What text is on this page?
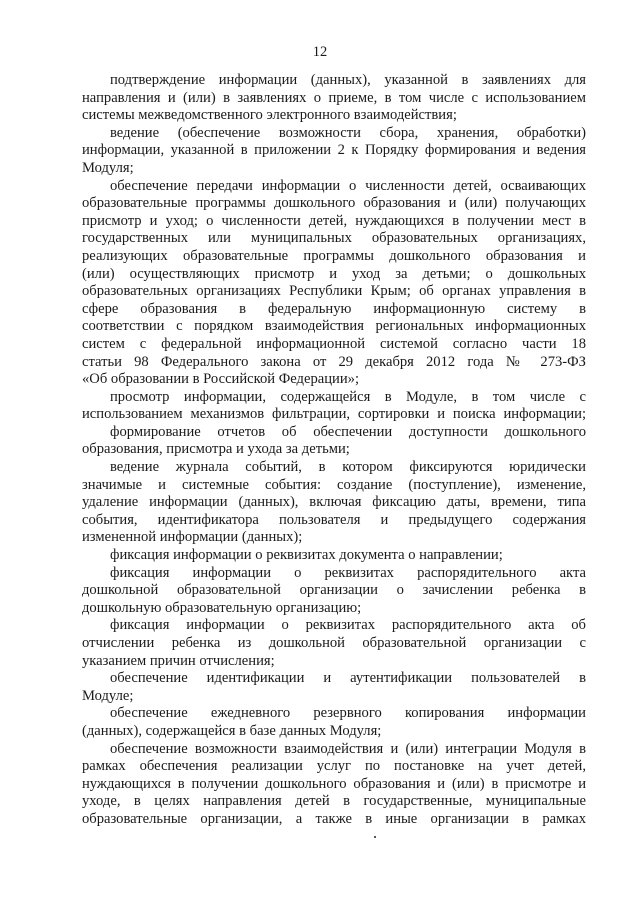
12
подтверждение информации (данных), указанной в заявлениях для
направления и (или) в заявлениях о приеме, в том числе с использованием
системы межведомственного электронного взаимодействия;
ведение (обеспечение возможности сбора, хранения, обработки)
информации, указанной в приложении 2 к Порядку формирования и ведения
Модуля;
обеспечение передачи информации о численности детей, осваивающих
образовательные программы дошкольного образования и (или) получающих
присмотр и уход; о численности детей, нуждающихся в получении мест в
государственных или муниципальных образовательных организациях,
реализующих образовательные программы дошкольного образования и
(или) осуществляющих присмотр и уход за детьми; о дошкольных
образовательных организациях Республики Крым; об органах управления в
сфере образования в федеральную информационную систему в
соответствии с порядком взаимодействия региональных информационных
систем с федеральной информационной системой согласно части 18
статьи 98 Федерального закона от 29 декабря 2012 года № 273-ФЗ
«Об образовании в Российской Федерации»;
просмотр информации, содержащейся в Модуле, в том числе с
использованием механизмов фильтрации, сортировки и поиска информации;
формирование отчетов об обеспечении доступности дошкольного
образования, присмотра и ухода за детьми;
ведение журнала событий, в котором фиксируются юридически
значимые и системные события: создание (поступление), изменение,
удаление информации (данных), включая фиксацию даты, времени, типа
события, идентификатора пользователя и предыдущего содержания
измененной информации (данных);
фиксация информации о реквизитах документа о направлении;
фиксация информации о реквизитах распорядительного акта
дошкольной образовательной организации о зачислении ребенка в
дошкольную образовательную организацию;
фиксация информации о реквизитах распорядительного акта об
отчислении ребенка из дошкольной образовательной организации с
указанием причин отчисления;
обеспечение идентификации и аутентификации пользователей в
Модуле;
обеспечение ежедневного резервного копирования информации
(данных), содержащейся в базе данных Модуля;
обеспечение возможности взаимодействия и (или) интеграции Модуля в
рамках обеспечения реализации услуг по постановке на учет детей,
нуждающихся в получении дошкольного образования и (или) в присмотре и
уходе, в целях направления детей в государственные, муниципальные
образовательные организации, а также в иные организации в рамках
